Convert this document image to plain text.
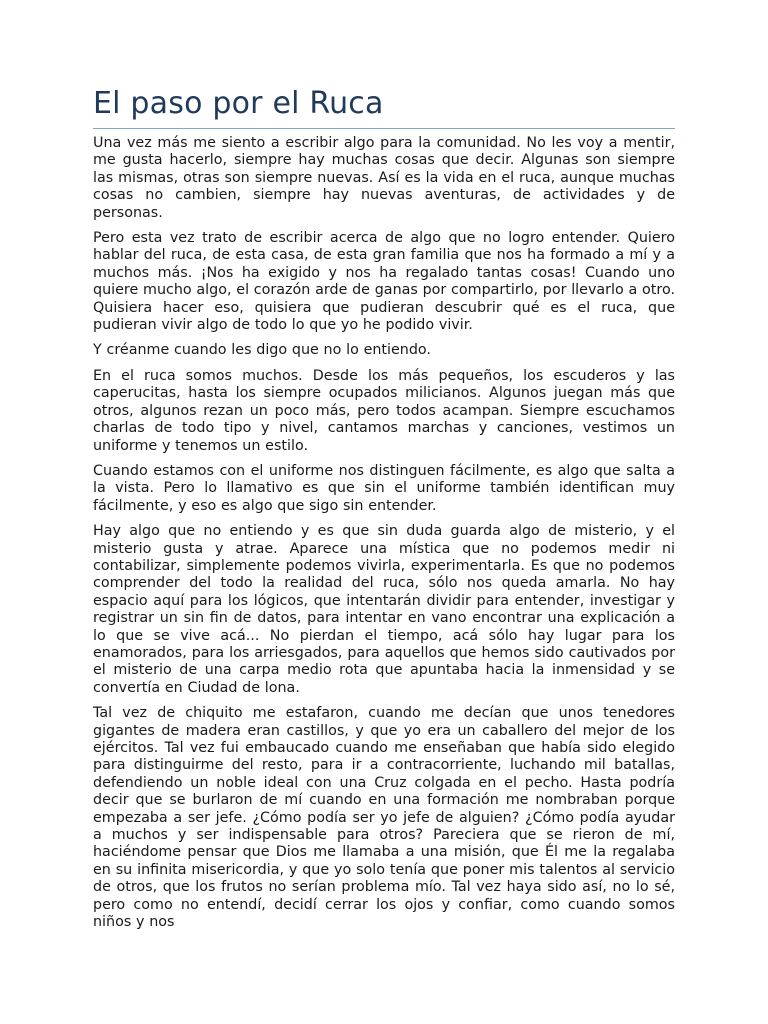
El paso por el Ruca

Una vez más me siento a escribir algo para la comunidad. No les voy a mentir, me gusta hacerlo, siempre hay muchas cosas que decir. Algunas son siempre las mismas, otras son siempre nuevas. Así es la vida en el ruca, aunque muchas cosas no cambien, siempre hay nuevas aventuras, de actividades y de personas.

Pero esta vez trato de escribir acerca de algo que no logro entender. Quiero hablar del ruca, de esta casa, de esta gran familia que nos ha formado a mí y a muchos más. ¡Nos ha exigido y nos ha regalado tantas cosas! Cuando uno quiere mucho algo, el corazón arde de ganas por compartirlo, por llevarlo a otro. Quisiera hacer eso, quisiera que pudieran descubrir qué es el ruca, que pudieran vivir algo de todo lo que yo he podido vivir.

Y créanme cuando les digo que no lo entiendo.

En el ruca somos muchos. Desde los más pequeños, los escuderos y las caperucitas, hasta los siempre ocupados milicianos. Algunos juegan más que otros, algunos rezan un poco más, pero todos acampan. Siempre escuchamos charlas de todo tipo y nivel, cantamos marchas y canciones, vestimos un uniforme y tenemos un estilo.

Cuando estamos con el uniforme nos distinguen fácilmente, es algo que salta a la vista. Pero lo llamativo es que sin el uniforme también identifican muy fácilmente, y eso es algo que sigo sin entender.

Hay algo que no entiendo y es que sin duda guarda algo de misterio, y el misterio gusta y atrae. Aparece una mística que no podemos medir ni contabilizar, simplemente podemos vivirla, experimentarla. Es que no podemos comprender del todo la realidad del ruca, sólo nos queda amarla. No hay espacio aquí para los lógicos, que intentarán dividir para entender, investigar y registrar un sin fin de datos, para intentar en vano encontrar una explicación a lo que se vive acá... No pierdan el tiempo, acá sólo hay lugar para los enamorados, para los arriesgados, para aquellos que hemos sido cautivados por el misterio de una carpa medio rota que apuntaba hacia la inmensidad y se convertía en Ciudad de lona.

Tal vez de chiquito me estafaron, cuando me decían que unos tenedores gigantes de madera eran castillos, y que yo era un caballero del mejor de los ejércitos. Tal vez fui embaucado cuando me enseñaban que había sido elegido para distinguirme del resto, para ir a contracorriente, luchando mil batallas, defendiendo un noble ideal con una Cruz colgada en el pecho. Hasta podría decir que se burlaron de mí cuando en una formación me nombraban porque empezaba a ser jefe. ¿Cómo podía ser yo jefe de alguien? ¿Cómo podía ayudar a muchos y ser indispensable para otros? Pareciera que se rieron de mí, haciéndome pensar que Dios me llamaba a una misión, que Él me la regalaba en su infinita misericordia, y que yo solo tenía que poner mis talentos al servicio de otros, que los frutos no serían problema mío. Tal vez haya sido así, no lo sé, pero como no entendí, decidí cerrar los ojos y confiar, como cuando somos niños y nos
